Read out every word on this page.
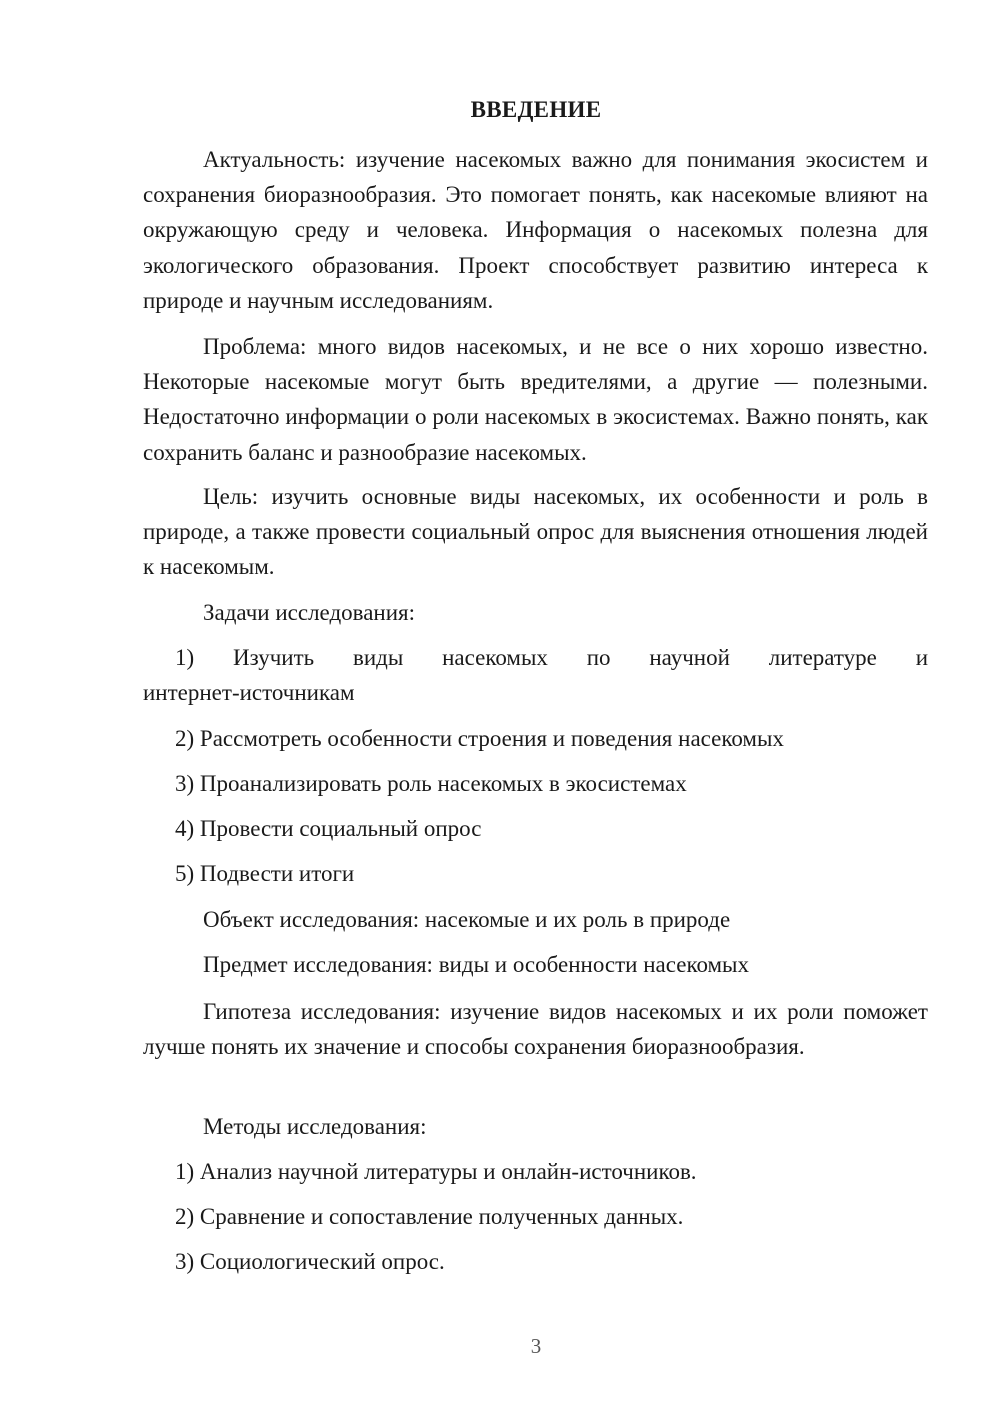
ВВЕДЕНИЕ
Актуальность: изучение насекомых важно для понимания экосистем и сохранения биоразнообразия. Это помогает понять, как насекомые влияют на окружающую среду и человека. Информация о насекомых полезна для экологического образования. Проект способствует развитию интереса к природе и научным исследованиям.
Проблема: много видов насекомых, и не все о них хорошо известно. Некоторые насекомые могут быть вредителями, а другие — полезными. Недостаточно информации о роли насекомых в экосистемах. Важно понять, как сохранить баланс и разнообразие насекомых.
Цель: изучить основные виды насекомых, их особенности и роль в природе, а также провести социальный опрос для выяснения отношения людей к насекомым.
Задачи исследования:
1) Изучить виды насекомых по научной литературе и
интернет-источникам
2) Рассмотреть особенности строения и поведения насекомых
3) Проанализировать роль насекомых в экосистемах
4) Провести социальный опрос
5) Подвести итоги
Объект исследования: насекомые и их роль в природе
Предмет исследования: виды и особенности насекомых
Гипотеза исследования: изучение видов насекомых и их роли поможет лучше понять их значение и способы сохранения биоразнообразия.
Методы исследования:
1) Анализ научной литературы и онлайн-источников.
2) Сравнение и сопоставление полученных данных.
3) Социологический опрос.
3
